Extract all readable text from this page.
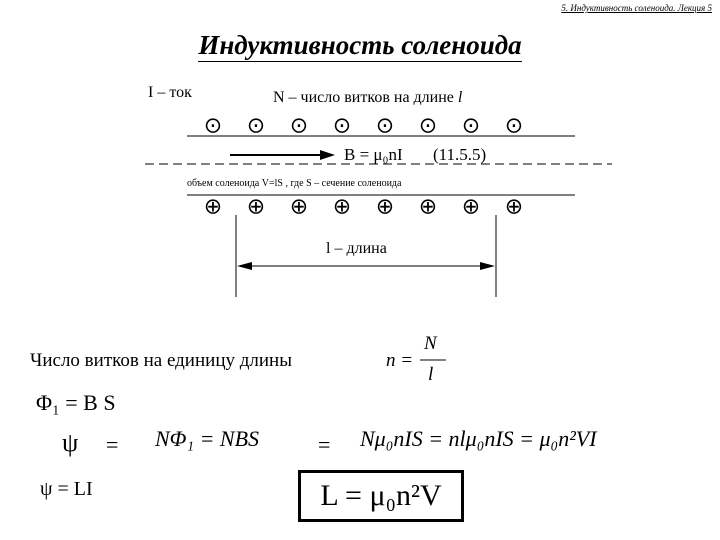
5. Индуктивность соленоида. Лекция 5
Индуктивность соленоида
⊙ ⊙ ⊙ ⊙ ⊙ ⊙ ⊙ ⊙
⊕ ⊕ ⊕ ⊕ ⊕ ⊕ ⊕ ⊕
I – ток	N – число витков на длине l
B = μ₀nI (11.5.5)
объем соленоида V=lS , где S – сечение соленоида
l – длина
Число витков на единицу длины	n =
N
l
Φ₁ = B S
ψ = NΦ₁ = NBS	= Nμ₀nIS = nlμ₀nIS = μ₀n²VI
ψ = LI	L = μ₀n²V
